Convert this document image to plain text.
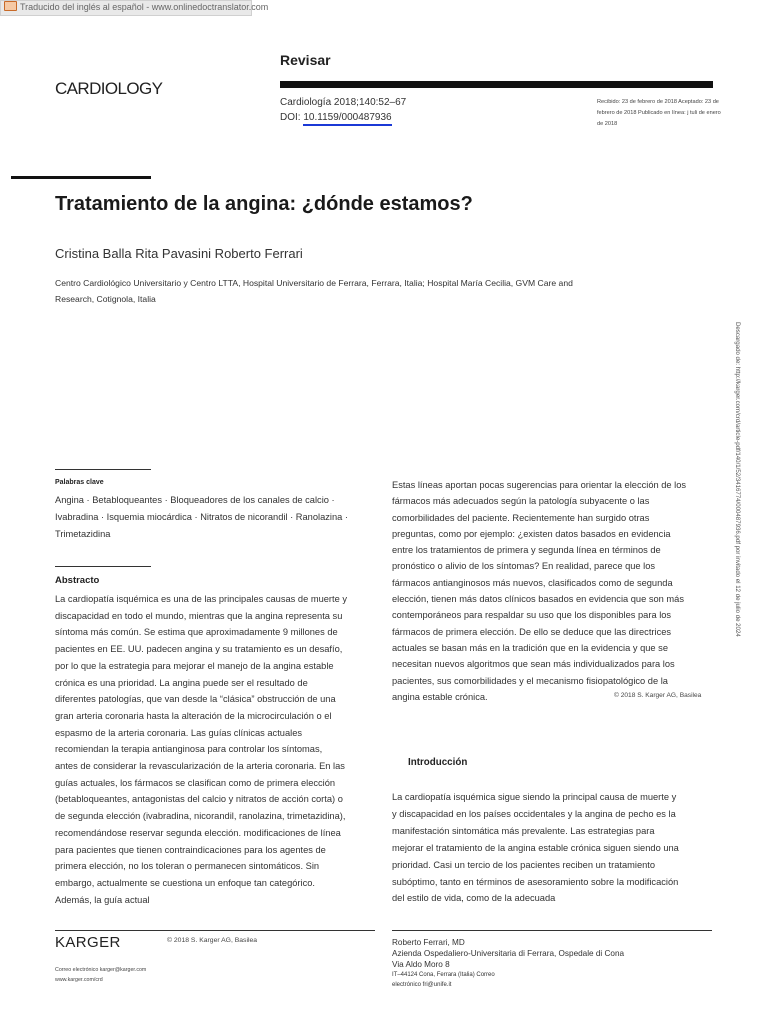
Traducido del inglés al español - www.onlinedoctranslator.com
CARDIOLOGY
Revisar
Cardiología 2018;140:52–67
DOI: 10.1159/000487936
Recibido: 23 de febrero de 2018 Aceptado: 23 de febrero de 2018 Publicado en línea: j tuli de enero de 2018
Tratamiento de la angina: ¿dónde estamos?
Cristina Balla Rita Pavasini Roberto Ferrari
Centro Cardiológico Universitario y Centro LTTA, Hospital Universitario de Ferrara, Ferrara, Italia; Hospital María Cecilia, GVM Care and Research, Cotignola, Italia
Descargado de: http://karger.com/crd/article-pdf/140/1/52/3416774/000487936.pdf por invitado el 12 de julio de 2024
Palabras clave
Angina · Betabloqueantes · Bloqueadores de los canales de calcio · Ivabradina · Isquemia miocárdica · Nitratos de nicorandil · Ranolazina · Trimetazidina
Abstracto
La cardiopatía isquémica es una de las principales causas de muerte y
discapacidad en todo el mundo, mientras que la angina representa su
síntoma más común. Se estima que aproximadamente 9 millones de
pacientes en EE. UU. padecen angina y su tratamiento es un desafío,
por lo que la estrategia para mejorar el manejo de la angina estable
crónica es una prioridad. La angina puede ser el resultado de
diferentes patologías, que van desde la “clásica” obstrucción de una
gran arteria coronaria hasta la alteración de la microcirculación o el
espasmo de la arteria coronaria. Las guías clínicas actuales
recomiendan la terapia antianginosa para controlar los síntomas,
antes de considerar la revascularización de la arteria coronaria. En las
guías actuales, los fármacos se clasifican como de primera elección
(betabloqueantes, antagonistas del calcio y nitratos de acción corta) o
de segunda elección (ivabradina, nicorandil, ranolazina, trimetazidina),
recomendándose reservar segunda elección. modificaciones de línea
para pacientes que tienen contraindicaciones para los agentes de
primera elección, no los toleran o permanecen sintomáticos. Sin
embargo, actualmente se cuestiona un enfoque tan categórico.
Además, la guía actual
Estas líneas aportan pocas sugerencias para orientar la elección de los
fármacos más adecuados según la patología subyacente o las
comorbilidades del paciente. Recientemente han surgido otras
preguntas, como por ejemplo: ¿existen datos basados en evidencia
entre los tratamientos de primera y segunda línea en términos de
pronóstico o alivio de los síntomas? En realidad, parece que los
fármacos antianginosos más nuevos, clasificados como de segunda
elección, tienen más datos clínicos basados en evidencia que son más
contemporáneos para respaldar su uso que los disponibles para los
fármacos de primera elección. De ello se deduce que las directrices
actuales se basan más en la tradición que en la evidencia y que se
necesitan nuevos algoritmos que sean más individualizados para los
pacientes, sus comorbilidades y el mecanismo fisiopatológico de la
angina estable crónica.	© 2018 S. Karger AG, Basilea
Introducción
La cardiopatía isquémica sigue siendo la principal causa de muerte y
y discapacidad en los países occidentales y la angina de pecho es la
manifestación sintomática más prevalente. Las estrategias para
mejorar el tratamiento de la angina estable crónica siguen siendo una
prioridad. Casi un tercio de los pacientes reciben un tratamiento
subóptimo, tanto en términos de asesoramiento sobre la modificación
del estilo de vida, como de la adecuada
KARGER	© 2018 S. Karger AG, Basilea
Correo electrónico karger@karger.com
www.karger.com/crd
Roberto Ferrari, MD
Azienda Ospedaliero-Universitaria di Ferrara, Ospedale di Cona
Via Aldo Moro 8
IT–44124 Cona, Ferrara (Italia) Correo
electrónico fri@unife.it
